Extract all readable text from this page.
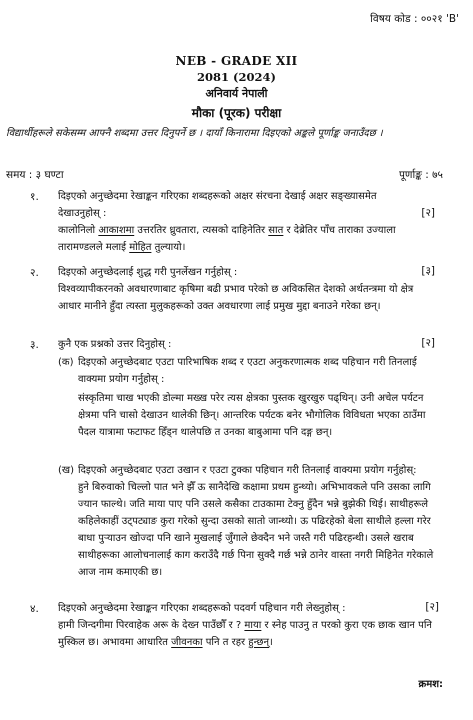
विषय कोड : ००२१ 'B'
NEB - GRADE XII
2081 (2024)
अनिवार्य नेपाली
मौका (पूरक) परीक्षा
विद्यार्थीहरूले सकेसम्म आफ्नै शब्दमा उत्तर दिनुपर्ने छ । दायाँ किनारामा दिइएको अङ्कले पूर्णाङ्क जनाउँदछ ।
समय : ३ घण्टा	पूर्णाङ्क : ७५
१. दिइएको अनुच्छेदमा रेखाङ्कन गरिएका शब्दहरूको अक्षर संरचना देखाई अक्षर सङ्ख्यासमेत देखाउनुहोस् :	[२]
कालोनिलो आकाशमा उत्तरतिर ध्रुवतारा, त्यसको दाहिनेतिर सात र देब्रेतिर पाँच तारा‌का उज्याला तारामण्डलले मलाई मोहित तुल्यायो।
२. दिइएको अनुच्छेदलाई शुद्ध गरी पुनर्लेखन गर्नुहोस् :	[३]
विश्वव्यापीकरनको अवधारणाबाट कृषिमा बढी प्रभाव परेको छ अविकसित देशको अर्थतन्त्रमा यो क्षेत्र आधार मानीने हुँदा त्यस्ता मुलुकहरूको उक्त अवधारणा लाई प्रमुख मुद्दा बनाउने गरेका छन्।
३. कुनै एक प्रश्नको उत्तर दिनुहोस् :	[२]
(क) दिइएको अनुच्छेदबाट एउटा पारिभाषिक शब्द र एउटा अनुकरणात्मक शब्द पहिचान गरी तिनलाई वाक्यमा प्रयोग गर्नुहोस् :
संस्कृतिमा चाख भएकी डोल्मा मख्ख परेर त्यस क्षेत्रका पुस्तक खुरखुरु पढ्थिन्। उनी अचेल पर्यटन क्षेत्रमा पनि चासो देखाउन थालेकी छिन्। आन्तरिक पर्यटक बनेर भौगोलिक विविधता भएका ठाउँमा पैदल यात्रामा फटाफट हिँड्न थालेपछि त उनका बाबुआमा पनि दङ्ग छन्।
(ख) दिइएको अनुच्छेदबाट एउटा उखान र एउटा टुक्का पहिचान गरी तिनलाई वाक्यमा प्रयोग गर्नुहोस्:
हुने बिरुवाको चिल्लो पात भने झैँ ऊ सानैदेखि कक्षामा प्रथम हुन्थ्यो। अभिभावकले पनि उसका लागि ज्यान फाल्थे। जति माया पाए पनि उसले कसैका टाउकामा टेक्नु हुँदैन भन्ने बुझेकी थिई। साथीहरूले कहिलेकाहीं उट्पट्याङ कुरा गरेको सुन्दा उसको सातो जान्थ्यो। ऊ पढिरहेको बेला साथीले हल्ला गरेर बाधा पुऱ्याउन खोज्दा पनि खाने मुखलाई जुँगाले छेक्दैन भने जस्तै गरी पढिरहन्थी। उसले खराब साथीहरूका आलोचनालाई काग कराउँदै गर्छ पिना सुक्दै गर्छ भन्ने ठानेर वास्ता नगरी मिहिनेत गरेकाले आज नाम कमाएकी छ।
४. दिइएको अनुच्छेदमा रेखाङ्कन गरिएका शब्दहरूको पदवर्ग पहिचान गरी लेख्नुहोस् :	[२]
हामी जिन्दगीमा पिरवाहेक अरू के देख्न पाउँछौँ र ? माया र स्नेह पाउनु त परको कुरा एक छाक खान पनि मुस्किल छ। अभावमा आधारित जीवनका पनि त रहर हुन्छन्।
क्रमश:
